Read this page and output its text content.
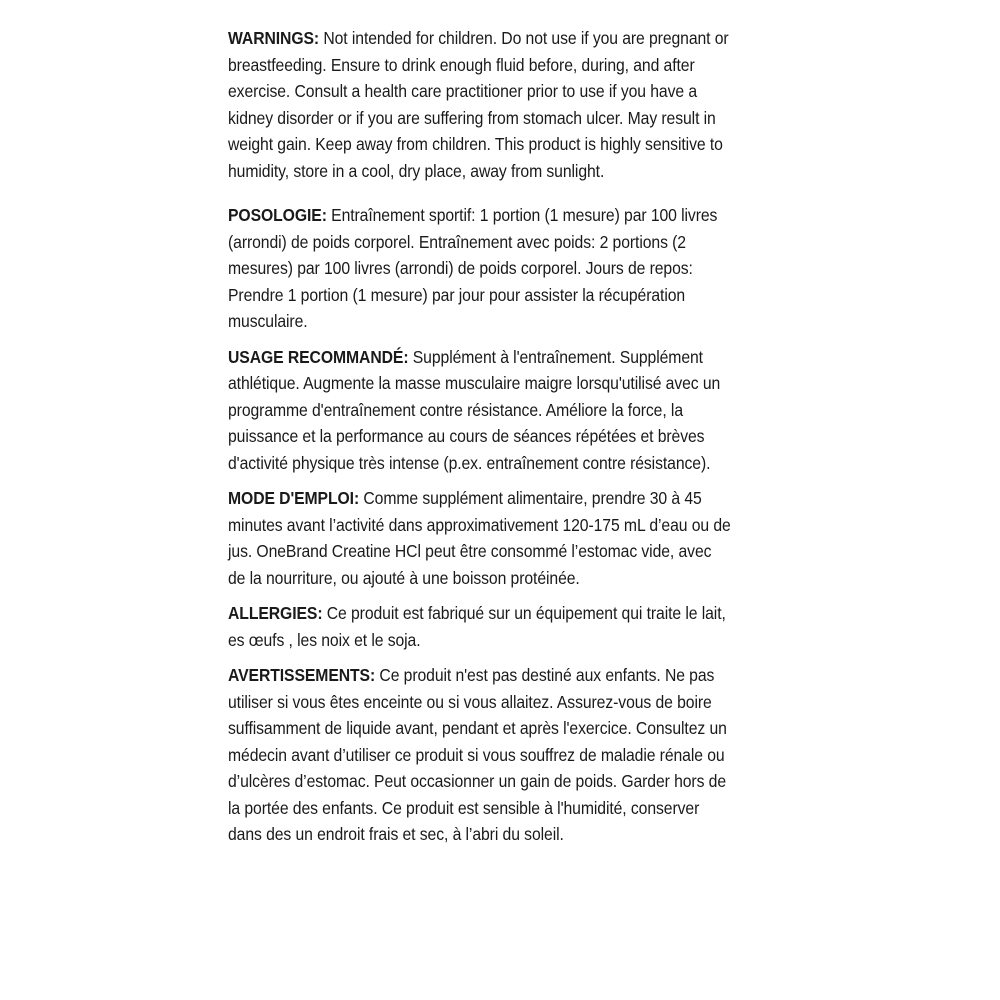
WARNINGS: Not intended for children. Do not use if you are pregnant or breastfeeding. Ensure to drink enough fluid before, during, and after exercise. Consult a health care practitioner prior to use if you have a kidney disorder or if you are suffering from stomach ulcer. May result in weight gain. Keep away from children. This product is highly sensitive to humidity, store in a cool, dry place, away from sunlight.

POSOLOGIE: Entraînement sportif: 1 portion (1 mesure) par 100 livres (arrondi) de poids corporel. Entraînement avec poids: 2 portions (2 mesures) par 100 livres (arrondi) de poids corporel. Jours de repos: Prendre 1 portion (1 mesure) par jour pour assister la récupération musculaire.

USAGE RECOMMANDÉ: Supplément à l'entraînement. Supplément athlétique. Augmente la masse musculaire maigre lorsqu'utilisé avec un programme d'entraînement contre résistance. Améliore la force, la puissance et la performance au cours de séances répétées et brèves d'activité physique très intense (p.ex. entraînement contre résistance).

MODE D'EMPLOI: Comme supplément alimentaire, prendre 30 à 45 minutes avant l’activité dans approximativement 120-175 mL d’eau ou de jus. OneBrand Creatine HCl peut être consommé l’estomac vide, avec de la nourriture, ou ajouté à une boisson protéinée.

ALLERGIES: Ce produit est fabriqué sur un équipement qui traite le lait, es œufs , les noix et le soja.

AVERTISSEMENTS: Ce produit n'est pas destiné aux enfants. Ne pas utiliser si vous êtes enceinte ou si vous allaitez. Assurez-vous de boire suffisamment de liquide avant, pendant et après l'exercice. Consultez un médecin avant d’utiliser ce produit si vous souffrez de maladie rénale ou d’ulcères d’estomac. Peut occasionner un gain de poids. Garder hors de la portée des enfants. Ce produit est sensible à l'humidité, conserver dans des un endroit frais et sec, à l’abri du soleil.
